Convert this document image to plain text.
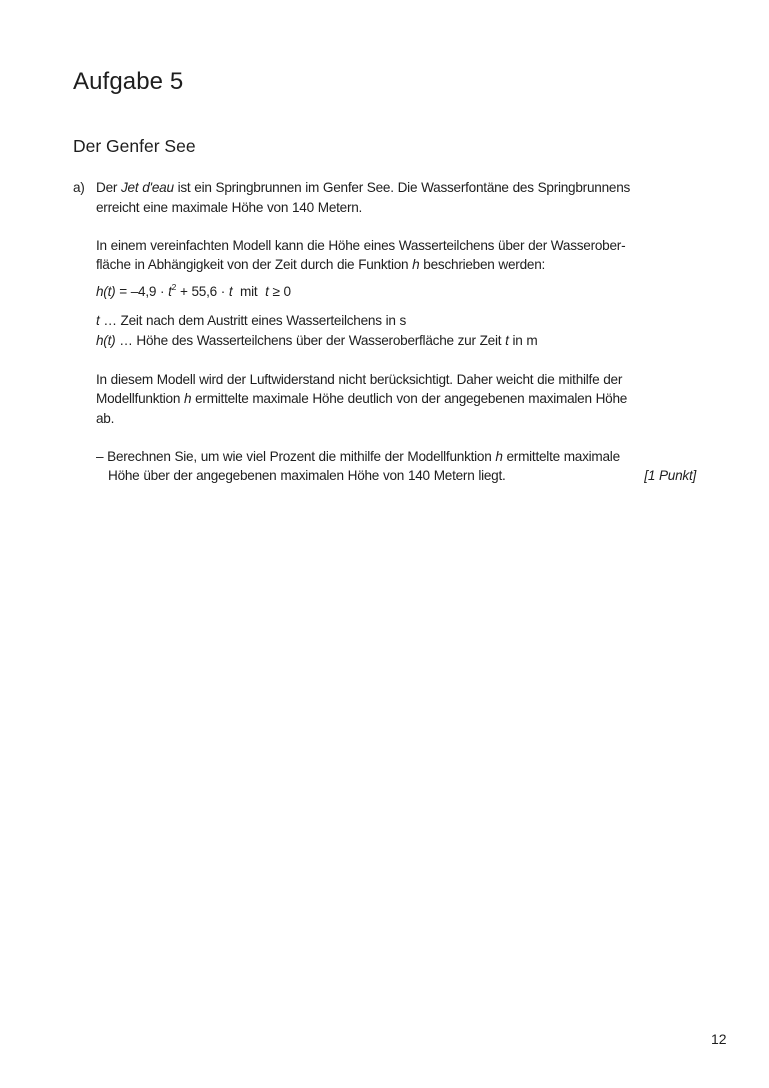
Aufgabe 5
Der Genfer See
a) Der Jet d'eau ist ein Springbrunnen im Genfer See. Die Wasserfontäne des Springbrunnens
erreicht eine maximale Höhe von 140 Metern.
In einem vereinfachten Modell kann die Höhe eines Wasserteilchens über der Wasserober-
fläche in Abhängigkeit von der Zeit durch die Funktion h beschrieben werden:
$h(t) = -4,9 \cdot t^2 + 55,6 \cdot t$  mit  t ≥ 0
t … Zeit nach dem Austritt eines Wasserteilchens in s
h(t) … Höhe des Wasserteilchens über der Wasseroberfläche zur Zeit t in m
In diesem Modell wird der Luftwiderstand nicht berücksichtigt. Daher weicht die mithilfe der
Modellfunktion h ermittelte maximale Höhe deutlich von der angegebenen maximalen Höhe
ab.
– Berechnen Sie, um wie viel Prozent die mithilfe der Modellfunktion h ermittelte maximale
Höhe über der angegebenen maximalen Höhe von 140 Metern liegt.	[1 Punkt]
12
